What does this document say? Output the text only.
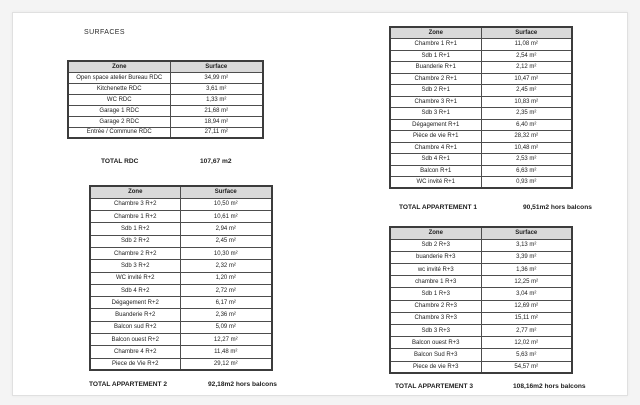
SURFACES
Zone	Surface
Open space atelier Bureau RDC	34,99 m²
Kitchenette RDC	3,61 m²
WC RDC	1,33 m²
Garage 1 RDC	21,68 m²
Garage 2 RDC	18,94 m²
Entrée / Commune RDC	27,11 m²
TOTAL RDC	107,67 m2
Zone	Surface
Chambre 3 R+2	10,50 m²
Chambre 1 R+2	10,61 m²
Sdb 1 R+2	2,94 m²
Sdb 2 R+2	2,45 m²
Chambre 2 R+2	10,30 m²
Sdb 3 R+2	2,32 m²
WC invité R+2	1,20 m²
Sdb 4 R+2	2,72 m²
Dégagement R+2	6,17 m²
Buanderie R+2	2,36 m²
Balcon sud R+2	5,09 m²
Balcon ouest R+2	12,27 m²
Chambre 4 R+2	11,48 m²
Piece de Vie R+2	29,12 m²
TOTAL APPARTEMENT 2	92,18m2 hors balcons
Zone	Surface
Chambre 1 R+1	11,08 m²
Sdb 1 R+1	2,54 m²
Buanderie R+1	2,12 m²
Chambre 2 R+1	10,47 m²
Sdb 2 R+1	2,45 m²
Chambre 3 R+1	10,83 m²
Sdb 3 R+1	2,35 m²
Dégagement R+1	6,40 m²
Pièce de vie R+1	28,32 m²
Chambre 4 R+1	10,48 m²
Sdb 4 R+1	2,53 m²
Balcon R+1	6,63 m²
WC invité R+1	0,93 m²
TOTAL APPARTEMENT 1	90,51m2 hors balcons
Zone	Surface
Sdb 2 R+3	3,13 m²
buanderie R+3	3,39 m²
wc invité R+3	1,36 m²
chambre 1 R+3	12,25 m²
Sdb 1 R+3	3,04 m²
Chambre 2 R+3	12,69 m²
Chambre 3 R+3	15,11 m²
Sdb 3 R+3	2,77 m²
Balcon ouest R+3	12,02 m²
Balcon Sud R+3	5,63 m²
Piece de vie R+3	54,57 m²
TOTAL APPARTEMENT 3	108,16m2 hors balcons
